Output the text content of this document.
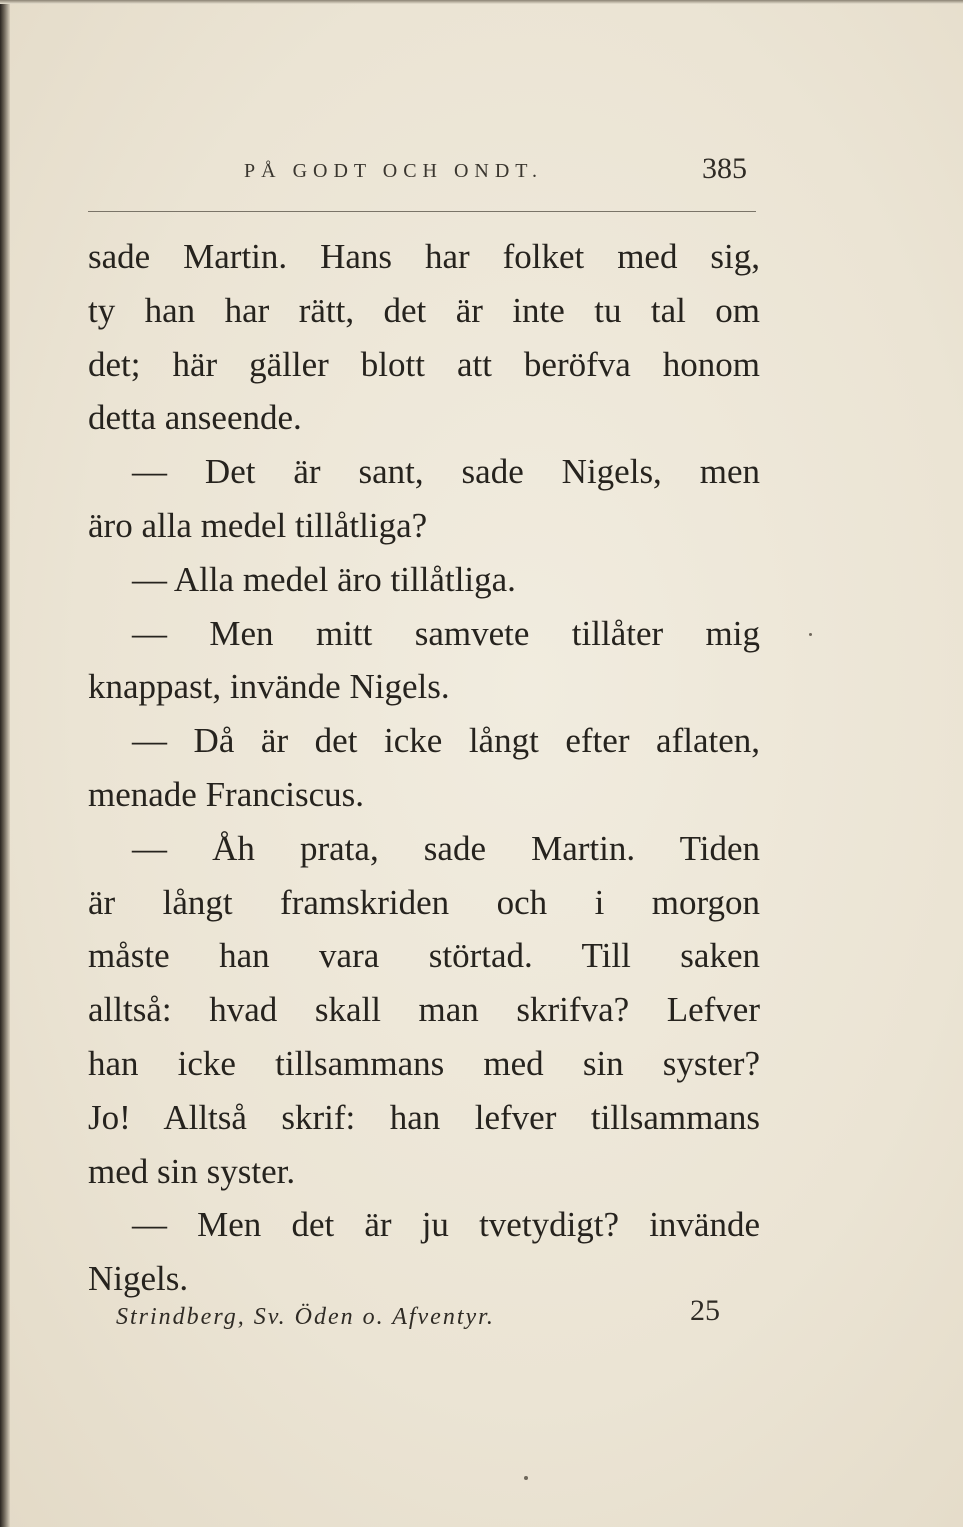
PÅ GODT OCH ONDT.	385
sade Martin. Hans har folket med sig,
ty han har rätt, det är inte tu tal om
det; här gäller blott att beröfva honom
detta anseende.
— Det är sant, sade Nigels, men
äro alla medel tillåtliga?
— Alla medel äro tillåtliga.
— Men mitt samvete tillåter mig
knappast, invände Nigels.
— Då är det icke långt efter aflaten,
menade Franciscus.
— Åh prata, sade Martin. Tiden
är långt framskriden och i morgon
måste han vara störtad. Till saken
alltså: hvad skall man skrifva? Lefver
han icke tillsammans med sin syster?
Jo! Alltså skrif: han lefver tillsammans
med sin syster.
— Men det är ju tvetydigt? invände
Nigels.
Strindberg, Sv. Öden o. Afventyr.	25
